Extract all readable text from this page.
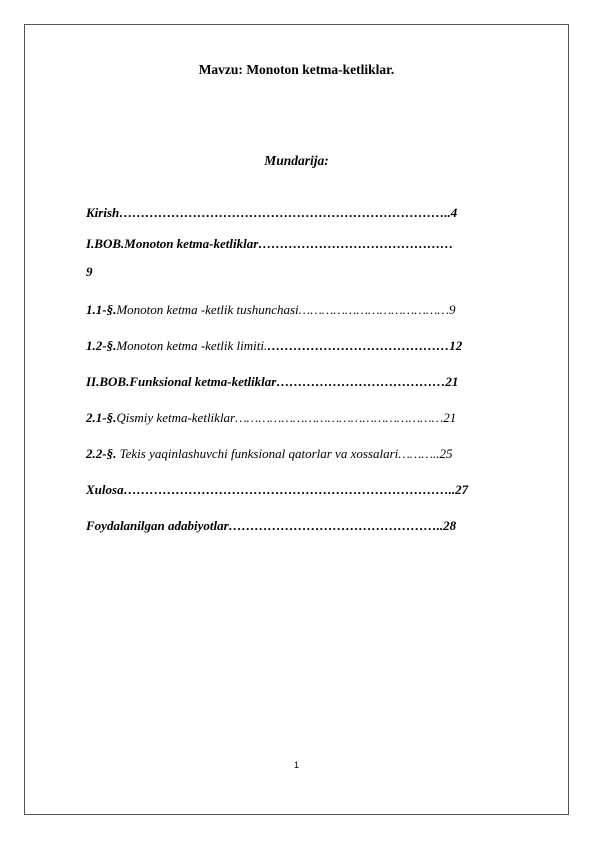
Mavzu: Monoton ketma-ketliklar.
Mundarija:
Kirish…………………………………………………………………..4
I.BOB.Monoton ketma-ketliklar………………………………………
9
1.1-§.Monoton ketma -ketlik tushunchasi…………………………………9
1.2-§.Monoton ketma -ketlik limiti.……………………………………12
II.BOB.Funksional ketma-ketliklar…………………………………21
2.1-§.Qismiy ketma-ketliklar………………………………………………21
2.2-§. Tekis yaqinlashuvchi funksional qatorlar va xossalari………..25
Xulosa…………………………………………………………………..27
Foydalanilgan adabiyotlar…………………………………………..28
1
